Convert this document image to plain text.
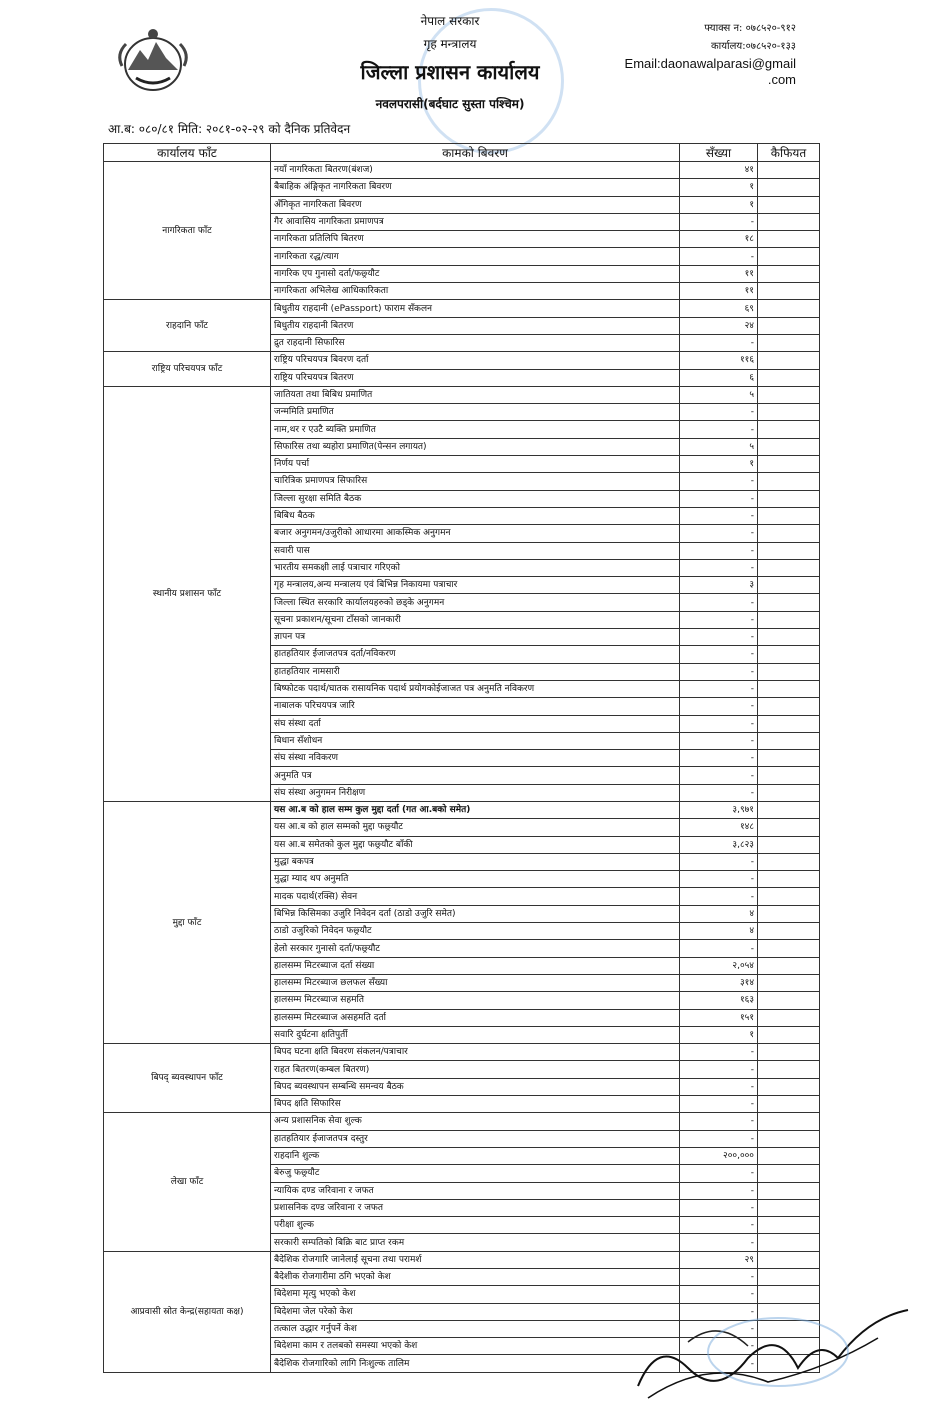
नेपाल सरकार
गृह मन्त्रालय
जिल्ला प्रशासन कार्यालय
नवलपरासी(बर्दघाट सुस्ता पश्चिम)
फ्याक्स न: ०७८५२०-९१२
कार्यालय:०७८५२०-१३३
Email:daonawalparasi@gmail
.com
आ.ब: ०८०/८१ मिति: २०८१-०२-२९ को दैनिक प्रतिवेदन
कार्यालय फाँट	कामको बिवरण	सँख्या	कैफियत
नागरिकता फाँट	नयाँ नागरिकता बितरण(बंशज)	४१	
	बैबाहिक अंङ्गिकृत नागरिकता बिवरण	१	
	अँगिकृत नागरिकता बिवरण	१	
	गैर आवासिय नागरिकता प्रमाणपत्र	-	
	नागरिकता प्रतिलिपि बितरण	१८	
	नागरिकता रद्ध/त्याग	-	
	नागरिक एप गुनासो दर्ता/फछ्र्यौट	११	
	नागरिकता अभिलेख आधिकारिकता	११	
राहदानि फाँट	बिधुतीय राहदानी (ePassport) फाराम सँकलन	६९	
	बिधुतीय राहदानी बितरण	२४	
	द्रुत राहदानी सिफारिस	-	
राष्ट्रिय परिचयपत्र फाँट	राष्ट्रिय परिचयपत्र बिवरण दर्ता	११६	
	राष्ट्रिय परिचयपत्र बितरण	६	
स्थानीय प्रशासन फाँट	जातियता तथा बिबिध प्रमाणित	५	
	जन्ममिति प्रमाणित	-	
	नाम,थर र एउटै ब्यक्ति प्रमाणित	-	
	सिफारिस तथा ब्यहोरा प्रमाणित(पेन्सन लगायत)	५	
	निर्णय पर्चा	१	
	चारित्रिक प्रमाणपत्र सिफारिस	-	
	जिल्ला सुरक्षा समिति बैठक	-	
	बिबिध बैठक	-	
	बजार अनुगमन/उजुरीको आधारमा आकस्मिक अनुगमन	-	
	सवारी पास	-	
	भारतीय समकक्षी लाई पत्राचार गरिएको	-	
	गृह मन्त्रालय,अन्य मन्त्रालय एवं बिभिन्न निकायमा पत्राचार	३	
	जिल्ला स्थित सरकारि कार्यालयहरुको छड्के अनुगमन	-	
	सूचना प्रकाशन/सूचना टाँसको जानकारी	-	
	ज्ञापन पत्र	-	
	हातहतियार ईजाजतपत्र दर्ता/नविकरण	-	
	हातहतियार नामसारी	-	
	बिष्फोटक पदार्थ/घातक रासायनिक पदार्थ प्रयोगकोईजाजत पत्र अनुमति नविकरण	-	
	नाबालक परिचयपत्र जारि	-	
	संघ संस्था दर्ता	-	
	बिधान सँशोधन	-	
	संघ संस्था नविकरण	-	
	अनुमति पत्र	-	
	संघ संस्था अनुगमन निरीक्षण	-	
मुद्दा फाँट	यस आ.ब को हाल सम्म कुल मुद्दा दर्ता (गत आ.बको समेत)	३,९७१	
	यस आ.ब को हाल सम्मको मुद्दा फछ्र्यौट	१४८	
	यस आ.ब समेतको कुल मुद्दा फछ्र्यौट बाँकी	३,८२३	
	मुद्धा बकपत्र	-	
	मुद्धा म्याद थप अनुमति	-	
	मादक पदार्थ(रक्सि) सेवन	-	
	बिभिन्न किसिमका उजुरि निवेदन दर्ता (ठाडो उजुरि समेत)	४	
	ठाडो उजुरिको निवेदन फछ्र्यौट	४	
	हेलो सरकार गुनासो दर्ता/फछ्र्यौट	-	
	हालसम्म मिटरब्याज दर्ता संख्या	२,०५४	
	हालसम्म मिटरब्याज छलफल सँख्या	३१४	
	हालसम्म मिटरब्याज सहमति	१६३	
	हालसम्म मिटरब्याज असहमति दर्ता	१५१	
	सवारि दुर्घटना क्षतिपुर्ती	१	
बिपद् ब्यवस्थापन फाँट	बिपद घटना क्षति बिवरण संकलन/पत्राचार	-	
	राहत बितरण(कम्बल बितरण)	-	
	बिपद ब्यवस्थापन सम्बन्धि समन्वय बैठक	-	
	बिपद क्षति सिफारिस	-	
लेखा फाँट	अन्य प्रशासनिक सेवा शुल्क	-	
	हातहतियार ईजाजतपत्र दस्तुर	-	
	राहदानि शुल्क	२००,०००	
	बेरुजु फछ्र्यौट	-	
	न्यायिक दण्ड जरिवाना र जफत	-	
	प्रशासनिक दण्ड जरिवाना र जफत	-	
	परीक्षा शुल्क	-	
	सरकारी सम्पतिको बिक्रि बाट प्राप्त रकम	-	
आप्रवासी स्रोत केन्द्र(सहायता कक्ष)	बैदेशिक रोजगारि जानेलाई सूचना तथा परामर्श	२९	
	बैदेशीक रोजगारीमा ठगि भएको केश	-	
	बिदेशमा मृत्यु भएको केश	-	
	बिदेशमा जेल परेको केश	-	
	तत्काल उद्धार गर्नुपर्ने केश	-	
	बिदेशमा काम र तलबको समस्या भएको केश	-	
	बैदेशिक रोजगारिको लागि निःशुल्क तालिम	-	
